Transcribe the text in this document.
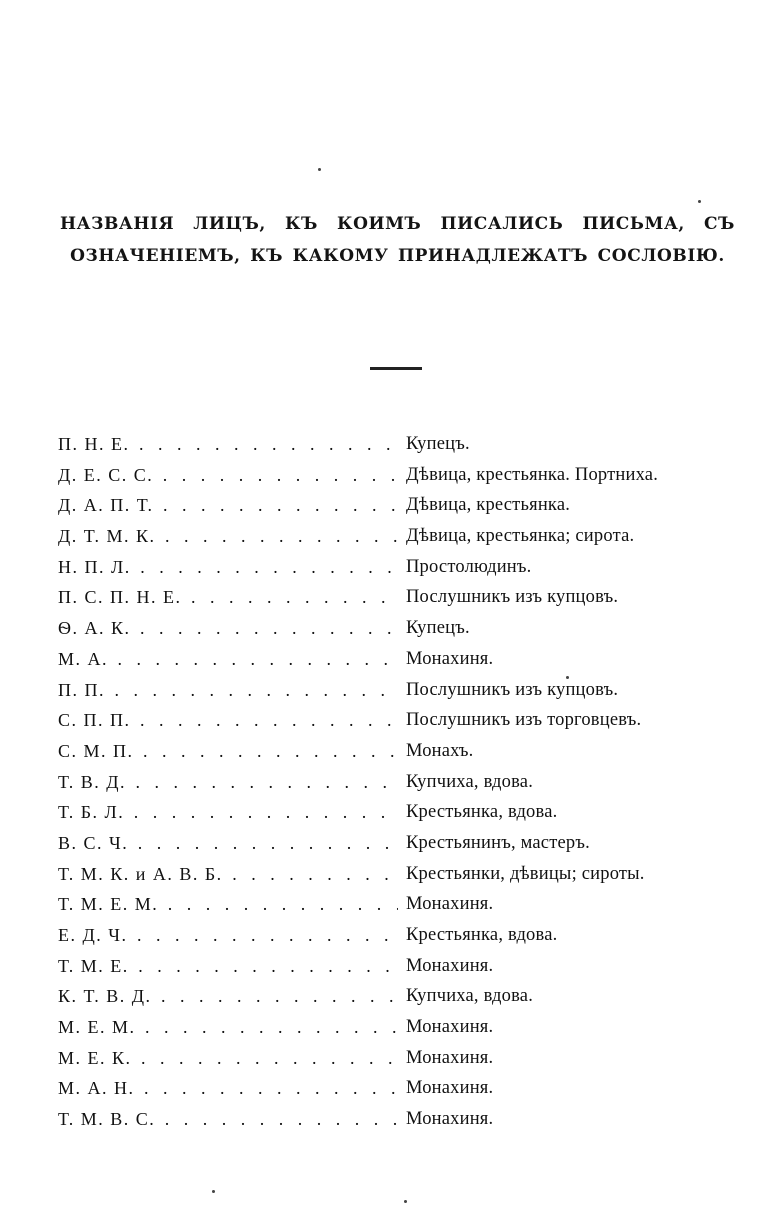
НАЗВАНІЯ ЛИЦЪ, КЪ КОИМЪ ПИСАЛИСЬ ПИСЬМА, СЪ ОЗНАЧЕНІЕМЪ, КЪ КАКОМУ ПРИНАДЛЕЖАТЪ СОСЛОВІЮ.
П. Н. Е. . . .	Купецъ.
Д. Е. С. С. . . .	Дѣвица, крестьянка. Портниха.
Д. А. П. Т. . . .	Дѣвица, крестьянка.
Д. Т. М. К. . . .	Дѣвица, крестьянка; сирота.
Н. П. Л. . . .	Простолюдинъ.
П. С. П. Н. Е. . . .	Послушникъ изъ купцовъ.
Ѳ. А. К. . . .	Купецъ.
М. А. . . .	Монахиня.
П. П. . . .	Послушникъ изъ купцовъ.
С. П. П. . . .	Послушникъ изъ торговцевъ.
С. М. П. . . .	Монахъ.
Т. В. Д. . . .	Купчиха, вдова.
Т. Б. Л. . . .	Крестьянка, вдова.
В. С. Ч. . . .	Крестьянинъ, мастеръ.
Т. М. К. и А. В. Б. . . .	Крестьянки, дѣвицы; сироты.
Т. М. Е. М. . . .	Монахиня.
Е. Д. Ч. . . .	Крестьянка, вдова.
Т. М. Е. . . .	Монахиня.
К. Т. В. Д. . . .	Купчиха, вдова.
М. Е. М. . . .	Монахиня.
М. Е. К. . . .	Монахиня.
М. А. Н. . . .	Монахиня.
Т. М. В. С. . . .	Монахиня.
